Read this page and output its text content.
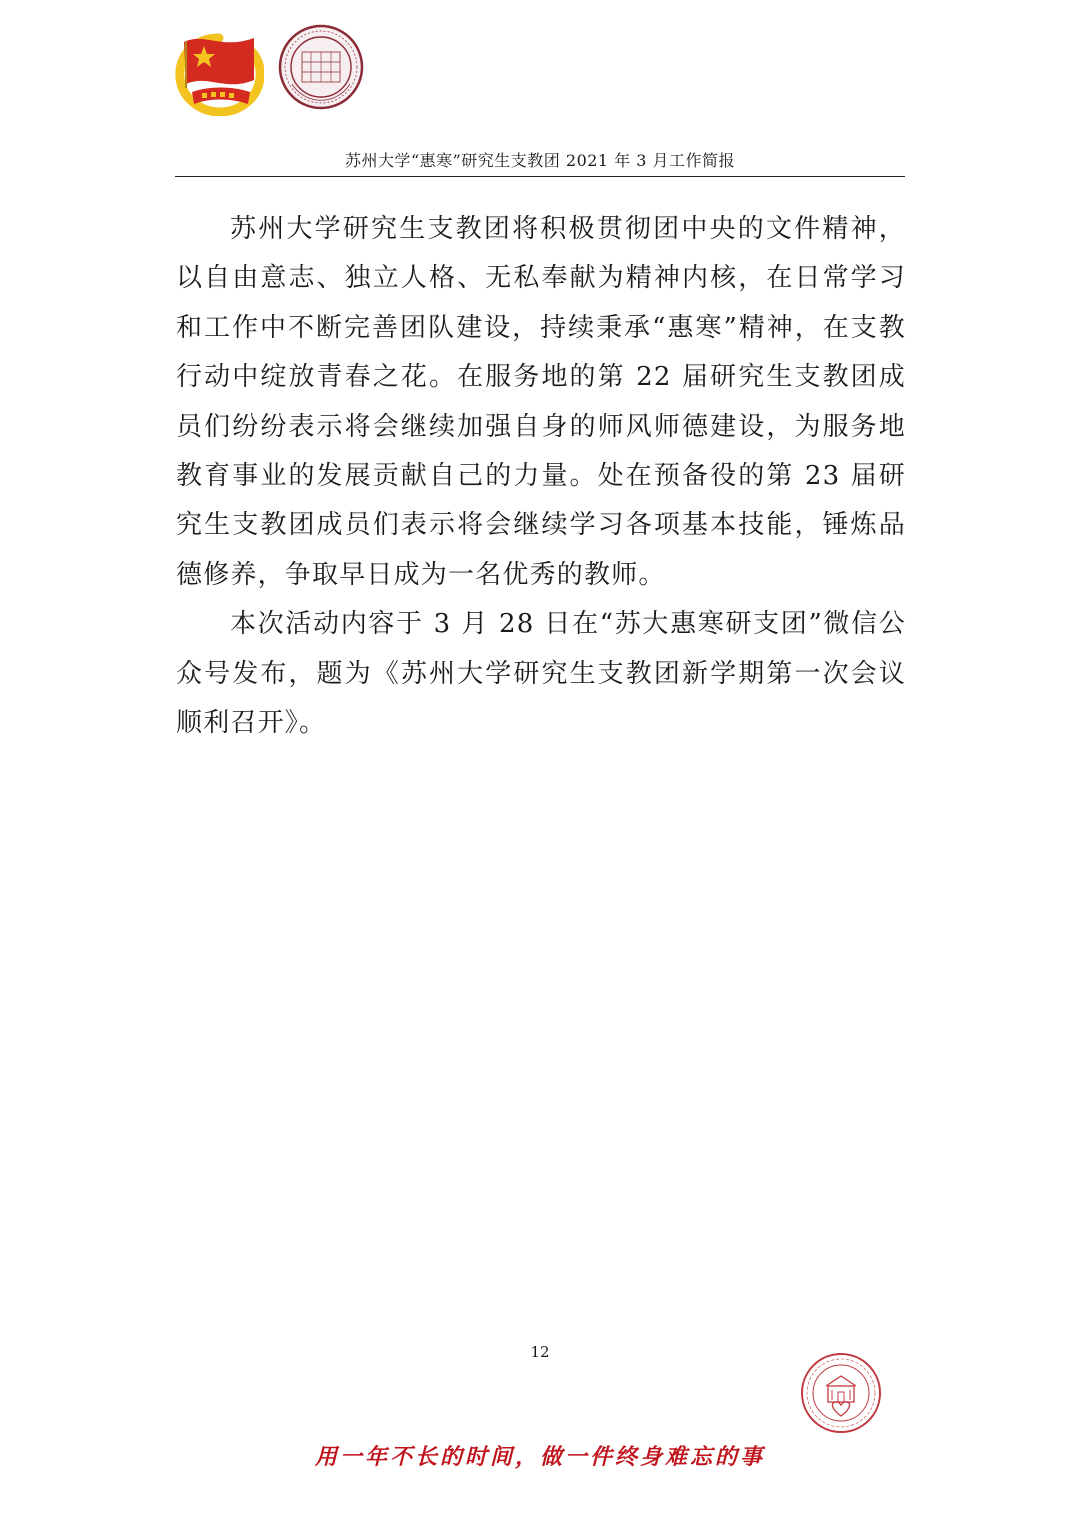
苏州大学“惠寒”研究生支教团 2021 年 3 月工作简报

苏州大学研究生支教团将积极贯彻团中央的文件精神，以自由意志、独立人格、无私奉献为精神内核，在日常学习和工作中不断完善团队建设，持续秉承“惠寒”精神，在支教行动中绽放青春之花。在服务地的第 22 届研究生支教团成员们纷纷表示将会继续加强自身的师风师德建设，为服务地教育事业的发展贡献自己的力量。处在预备役的第 23 届研究生支教团成员们表示将会继续学习各项基本技能，锤炼品德修养，争取早日成为一名优秀的教师。

本次活动内容于 3 月 28 日在“苏大惠寒研支团”微信公众号发布，题为《苏州大学研究生支教团新学期第一次会议顺利召开》。

12
用一年不长的时间，做一件终身难忘的事
